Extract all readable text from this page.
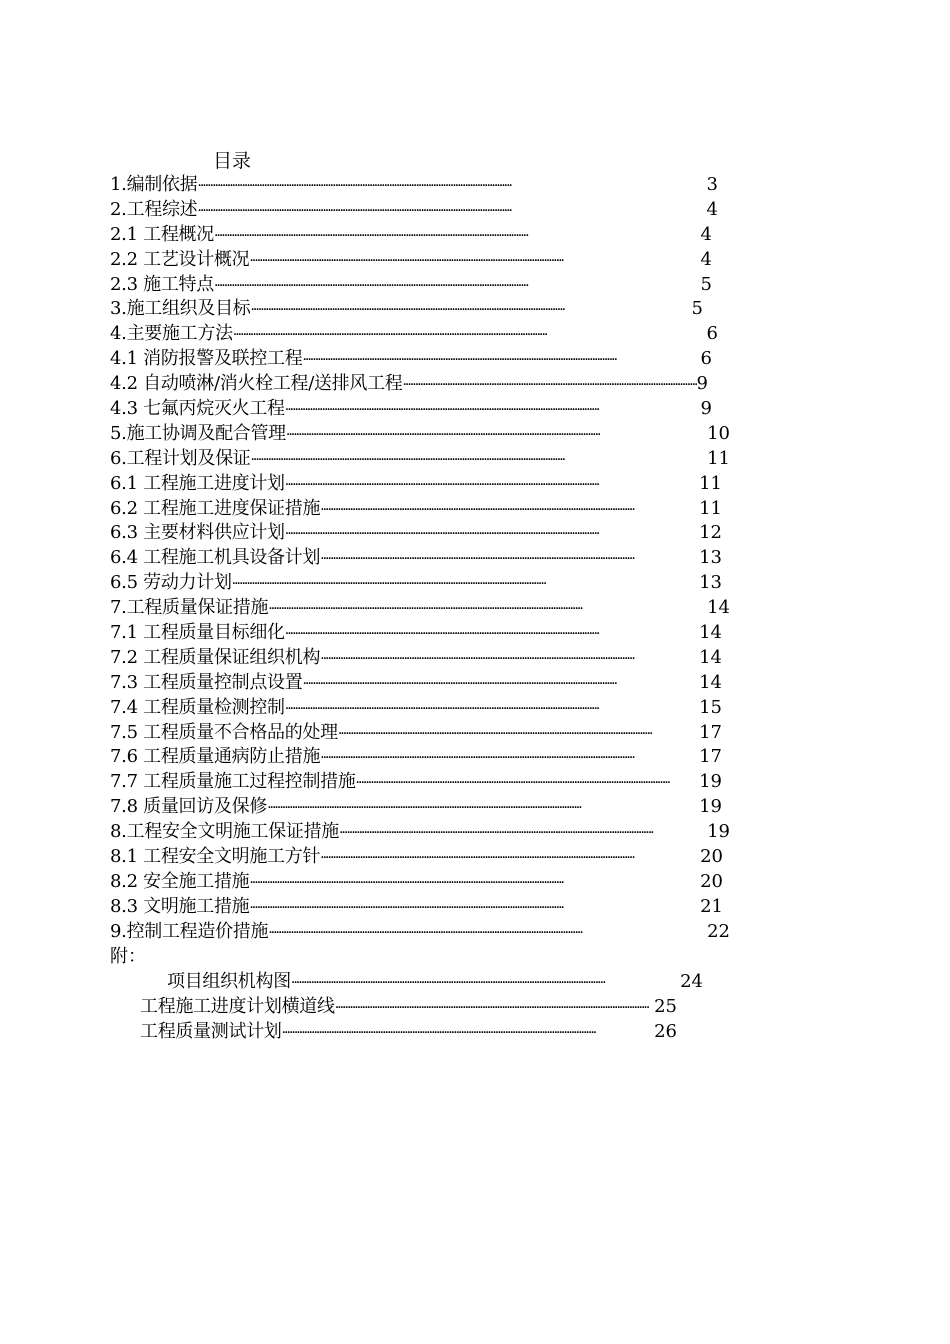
目录
1.编制依据 ·····	3
2.工程综述 ·····	4
2.1 工程概况 ·····	4
2.2 工艺设计概况 ·····	4
2.3 施工特点 ·····	5
3.施工组织及目标 ·····	5
4.主要施工方法 ·····	6
4.1 消防报警及联控工程 ·····	6
4.2 自动喷淋/消火栓工程/送排风工程 ·····	9
4.3 七氟丙烷灭火工程 ·····	9
5.施工协调及配合管理 ·····	10
6.工程计划及保证 ·····	11
6.1 工程施工进度计划 ·····	11
6.2 工程施工进度保证措施 ·····	11
6.3 主要材料供应计划 ·····	12
6.4 工程施工机具设备计划 ·····	13
6.5 劳动力计划 ·····	13
7.工程质量保证措施 ·····	14
7.1 工程质量目标细化 ·····	14
7.2 工程质量保证组织机构 ·····	14
7.3 工程质量控制点设置 ·····	14
7.4 工程质量检测控制 ·····	15
7.5 工程质量不合格品的处理 ·····	17
7.6 工程质量通病防止措施 ·····	17
7.7 工程质量施工过程控制措施 ·····	19
7.8 质量回访及保修 ·····	19
8.工程安全文明施工保证措施 ·····	19
8.1 工程安全文明施工方针 ·····	20
8.2 安全施工措施 ·····	20
8.3 文明施工措施 ·····	21
9.控制工程造价措施 ·····	22
附：
项目组织机构图 ·····	24
工程施工进度计划横道线 ·····	25
工程质量测试计划 ·····	26
